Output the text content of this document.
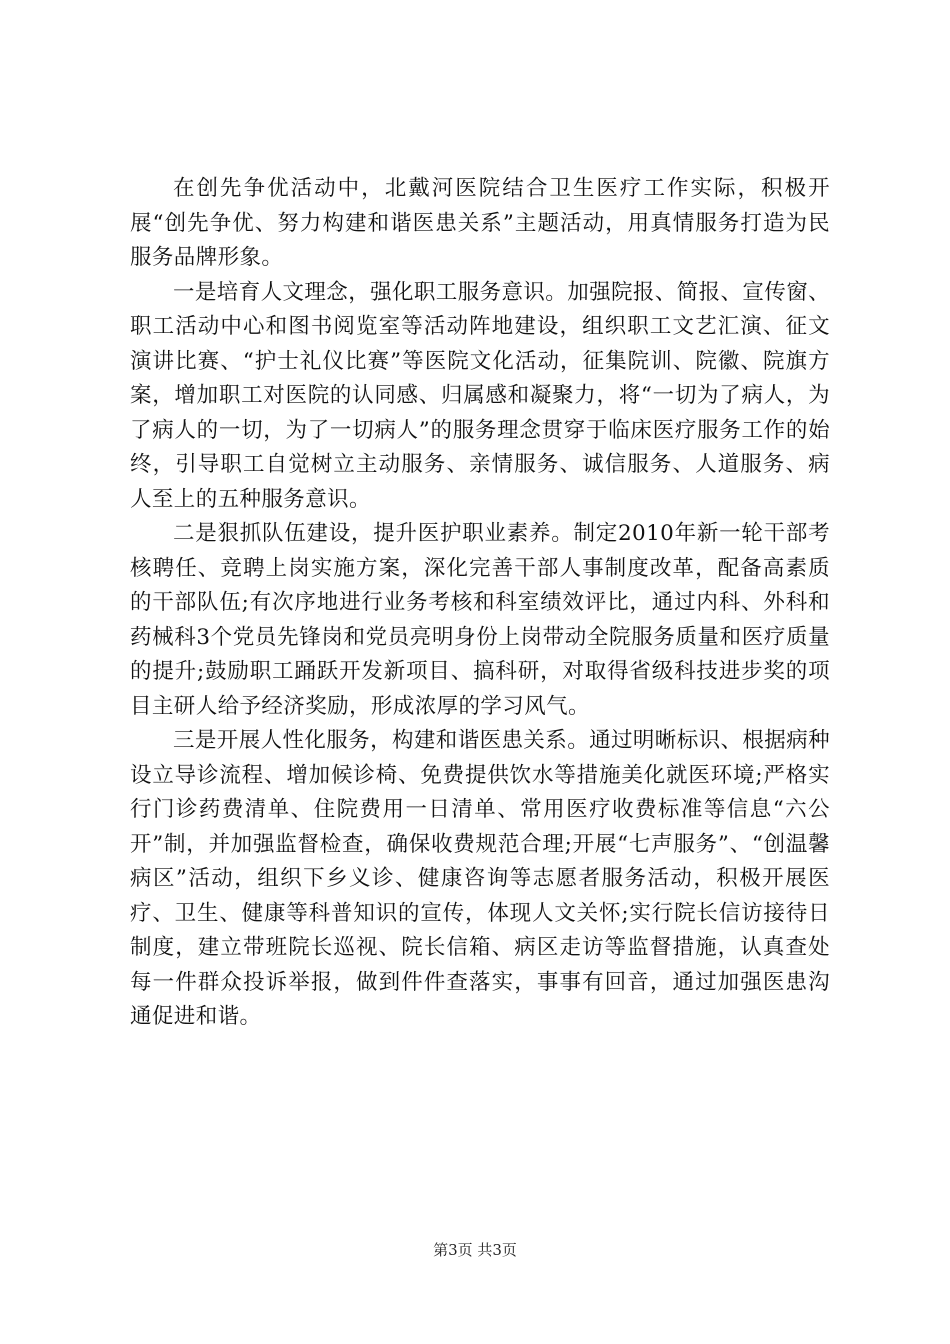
在创先争优活动中，北戴河医院结合卫生医疗工作实际，积极开展“创先争优、努力构建和谐医患关系”主题活动，用真情服务打造为民服务品牌形象。

一是培育人文理念，强化职工服务意识。加强院报、简报、宣传窗、职工活动中心和图书阅览室等活动阵地建设，组织职工文艺汇演、征文演讲比赛、“护士礼仪比赛”等医院文化活动，征集院训、院徽、院旗方案，增加职工对医院的认同感、归属感和凝聚力，将“一切为了病人，为了病人的一切，为了一切病人”的服务理念贯穿于临床医疗服务工作的始终，引导职工自觉树立主动服务、亲情服务、诚信服务、人道服务、病人至上的五种服务意识。

二是狠抓队伍建设，提升医护职业素养。制定2010年新一轮干部考核聘任、竞聘上岗实施方案，深化完善干部人事制度改革，配备高素质的干部队伍;有次序地进行业务考核和科室绩效评比，通过内科、外科和药械科3个党员先锋岗和党员亮明身份上岗带动全院服务质量和医疗质量的提升;鼓励职工踊跃开发新项目、搞科研，对取得省级科技进步奖的项目主研人给予经济奖励，形成浓厚的学习风气。

三是开展人性化服务，构建和谐医患关系。通过明晰标识、根据病种设立导诊流程、增加候诊椅、免费提供饮水等措施美化就医环境;严格实行门诊药费清单、住院费用一日清单、常用医疗收费标准等信息“六公开”制，并加强监督检查，确保收费规范合理;开展“七声服务”、“创温馨病区”活动，组织下乡义诊、健康咨询等志愿者服务活动，积极开展医疗、卫生、健康等科普知识的宣传，体现人文关怀;实行院长信访接待日制度，建立带班院长巡视、院长信箱、病区走访等监督措施，认真查处每一件群众投诉举报，做到件件查落实，事事有回音，通过加强医患沟通促进和谐。

第3页 共3页
